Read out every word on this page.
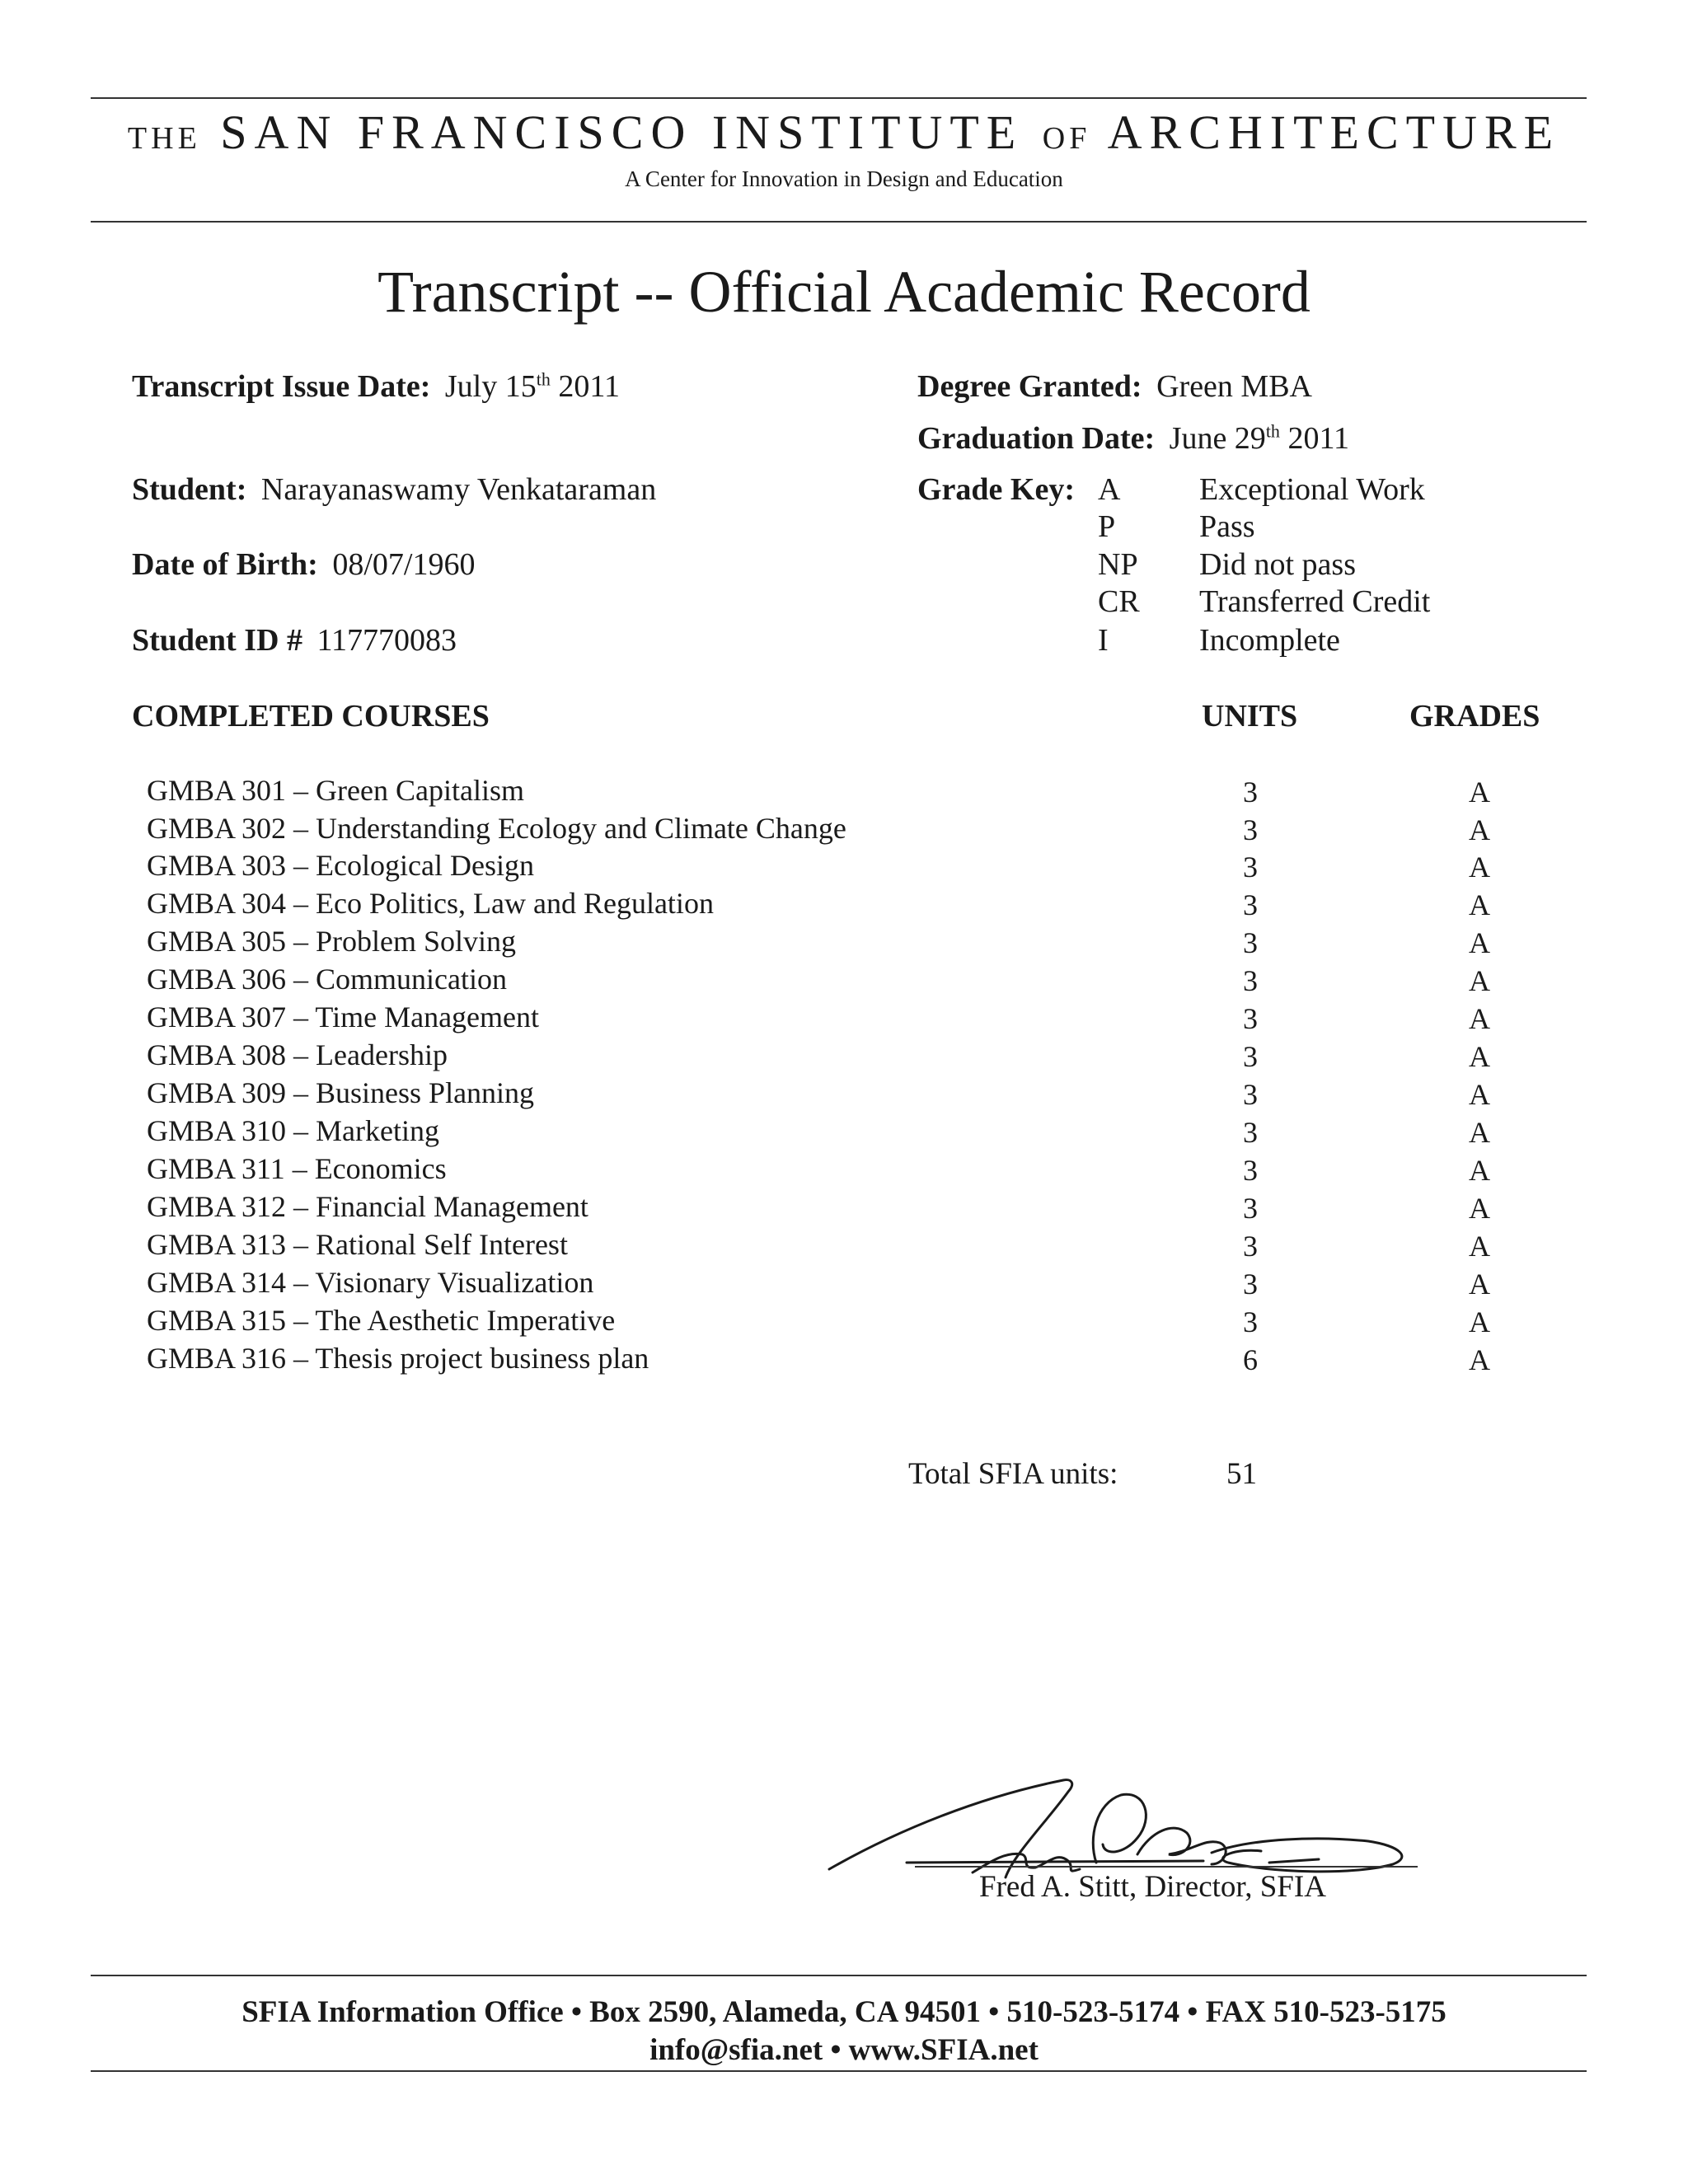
THE SAN FRANCISCO INSTITUTE OF ARCHITECTURE
A Center for Innovation in Design and Education
Transcript -- Official Academic Record
Transcript Issue Date: July 15th 2011
Student: Narayanaswamy Venkataraman
Date of Birth: 08/07/1960
Student ID # 117770083
Degree Granted: Green MBA
Graduation Date: June 29th 2011
Grade Key: A	Exceptional Work
P	Pass
NP Did not pass
CR Transferred Credit
I	Incomplete
COMPLETED COURSES	UNITS	GRADES
GMBA 301 – Green Capitalism	3	A
GMBA 302 – Understanding Ecology and Climate Change	3	A
GMBA 303 – Ecological Design	3	A
GMBA 304 – Eco Politics, Law and Regulation	3	A
GMBA 305 – Problem Solving	3	A
GMBA 306 – Communication	3	A
GMBA 307 – Time Management	3	A
GMBA 308 – Leadership	3	A
GMBA 309 – Business Planning	3	A
GMBA 310 – Marketing	3	A
GMBA 311 – Economics	3	A
GMBA 312 – Financial Management	3	A
GMBA 313 – Rational Self Interest	3	A
GMBA 314 – Visionary Visualization	3	A
GMBA 315 – The Aesthetic Imperative	3	A
GMBA 316 – Thesis project business plan	6	A
Total SFIA units:	51
Fred A. Stitt, Director, SFIA
SFIA Information Office • Box 2590, Alameda, CA 94501 • 510-523-5174 • FAX 510-523-5175
info@sfia.net • www.SFIA.net
